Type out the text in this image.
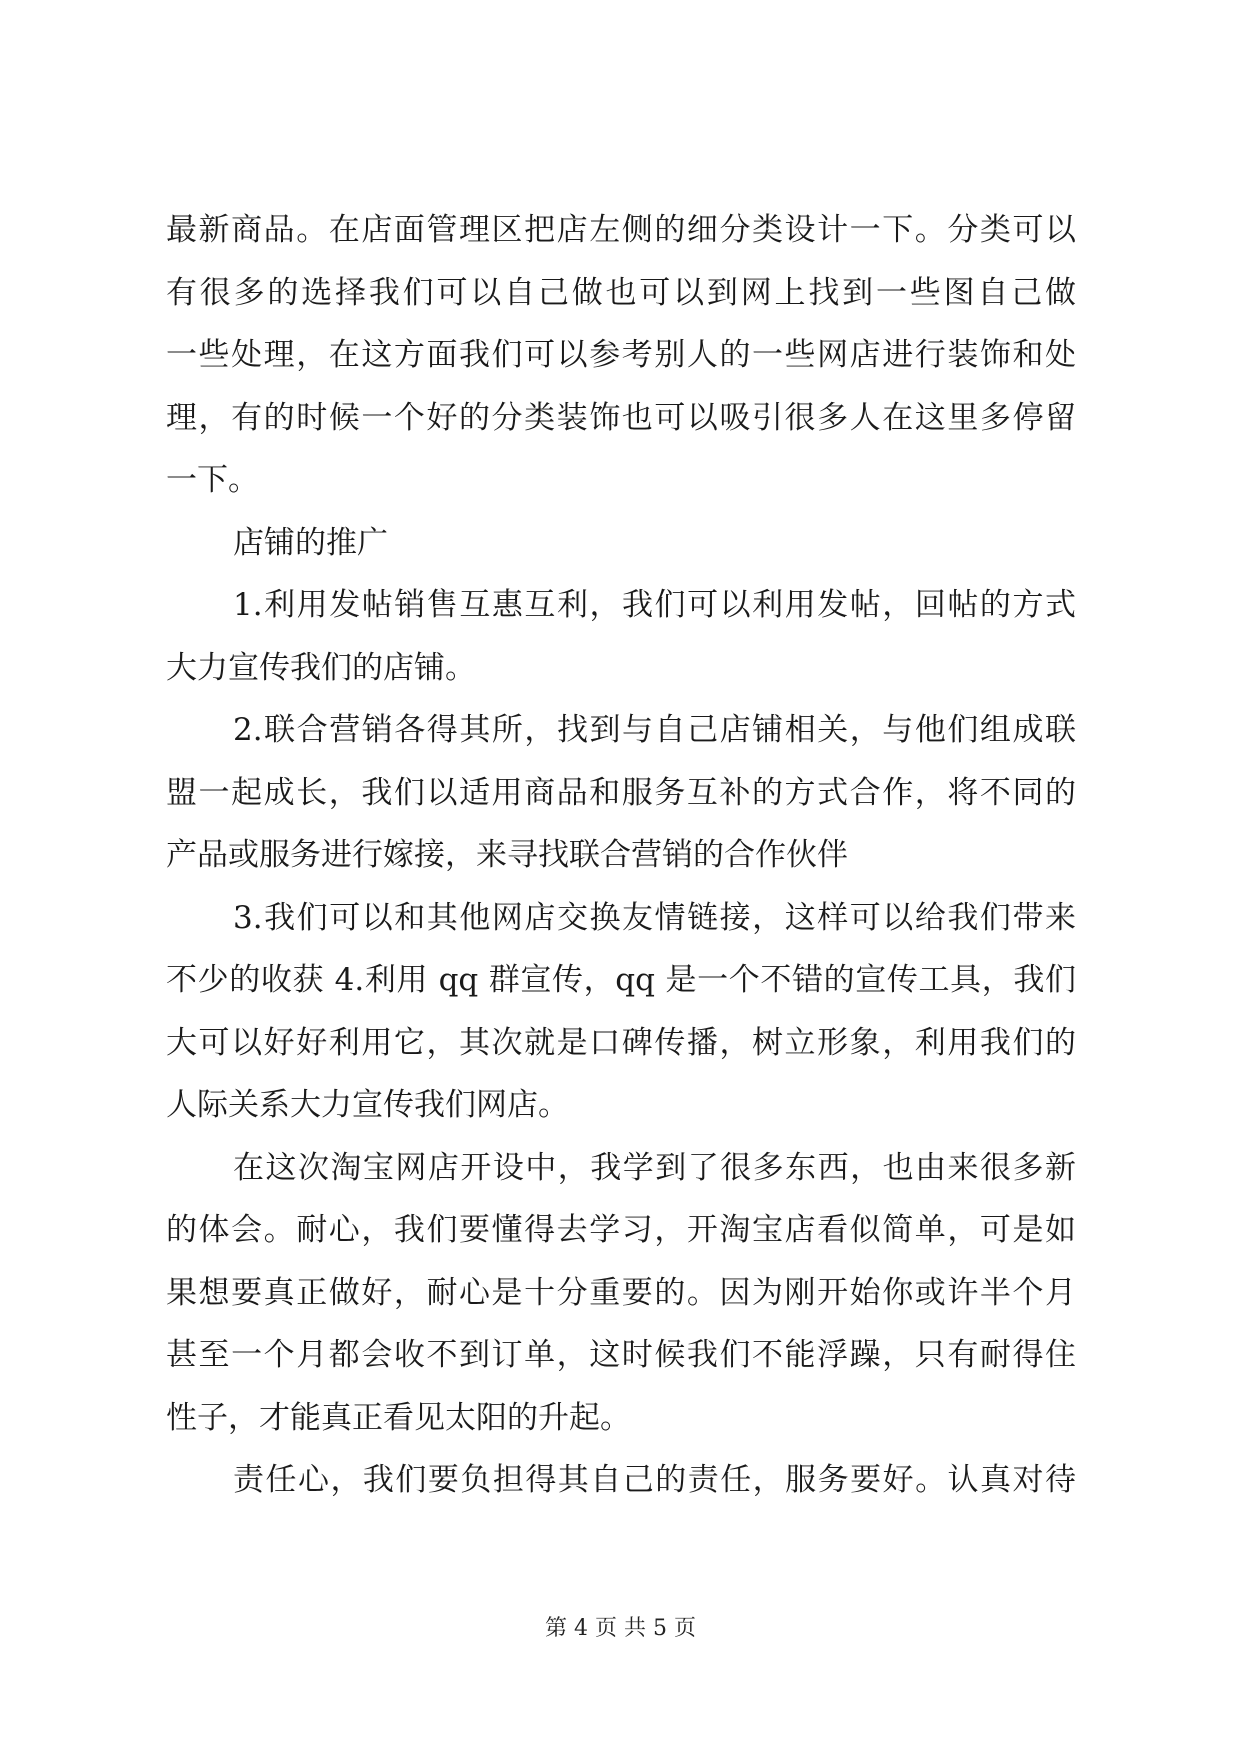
最新商品。在店面管理区把店左侧的细分类设计一下。分类可以
有很多的选择我们可以自己做也可以到网上找到一些图自己做
一些处理，在这方面我们可以参考别人的一些网店进行装饰和处
理，有的时候一个好的分类装饰也可以吸引很多人在这里多停留
一下。
店铺的推广
1.利用发帖销售互惠互利，我们可以利用发帖，回帖的方式
大力宣传我们的店铺。
2.联合营销各得其所，找到与自己店铺相关，与他们组成联
盟一起成长，我们以适用商品和服务互补的方式合作，将不同的
产品或服务进行嫁接，来寻找联合营销的合作伙伴
3.我们可以和其他网店交换友情链接，这样可以给我们带来
不少的收获 4.利用 qq 群宣传，qq 是一个不错的宣传工具，我们
大可以好好利用它，其次就是口碑传播，树立形象，利用我们的
人际关系大力宣传我们网店。
在这次淘宝网店开设中，我学到了很多东西，也由来很多新
的体会。耐心，我们要懂得去学习，开淘宝店看似简单，可是如
果想要真正做好，耐心是十分重要的。因为刚开始你或许半个月
甚至一个月都会收不到订单，这时候我们不能浮躁，只有耐得住
性子，才能真正看见太阳的升起。
责任心，我们要负担得其自己的责任，服务要好。认真对待
第 4 页 共 5 页
